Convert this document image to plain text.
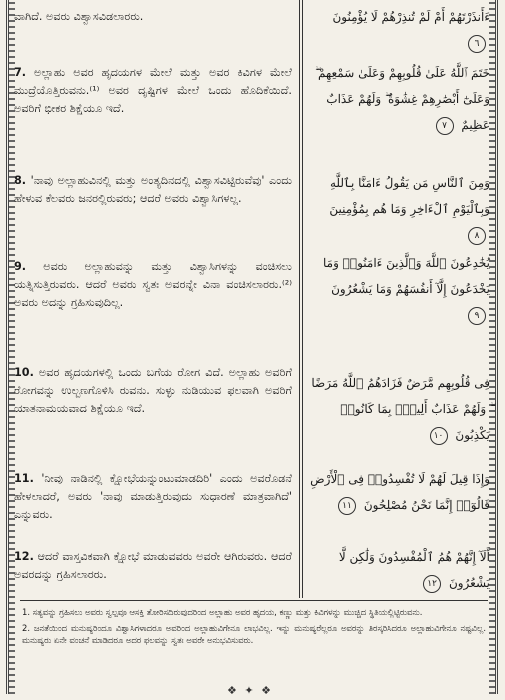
ವಾಗಿದೆ. ಅವರು ವಿಶ್ವಾಸವಿಡಲಾರರು.
7. ಅಲ್ಲಾಹು ಅವರ ಹೃದಯಗಳ ಮೇಲೆ ಮತ್ತು ಅವರ ಕಿವಿಗಳ ಮೇಲೆ ಮುದ್ರೆಯೊತ್ತಿರುವನು.⁽¹⁾ ಅವರ ದೃಷ್ಟಿಗಳ ಮೇಲೆ ಒಂದು ಹೊದಿಕೆಯಿದೆ. ಅವರಿಗೆ ಭೀಕರ ಶಿಕ್ಷೆಯೂ ಇದೆ.
8. 'ನಾವು ಅಲ್ಲಾಹುವಿನಲ್ಲಿ ಮತ್ತು ಅಂತ್ಯದಿನದಲ್ಲಿ ವಿಶ್ವಾಸವಿಟ್ಟಿರುವೆವು' ಎಂದು ಹೇಳುವ ಕೆಲವರು ಜನರಲ್ಲಿರುವರು; ಆದರೆ ಅವರು ವಿಶ್ವಾಸಿಗಳಲ್ಲ.
9. ಅವರು ಅಲ್ಲಾಹುವನ್ನು ಮತ್ತು ವಿಶ್ವಾಸಿಗಳನ್ನು ವಂಚಿಸಲು ಯತ್ನಿಸುತ್ತಿರುವರು. ಆದರೆ ಅವರು ಸ್ವತಃ ಅವರನ್ನೇ ವಿನಾ ವಂಚಿಸಲಾರರು.⁽²⁾ ಅವರು ಅದನ್ನು ಗ್ರಹಿಸುವುದಿಲ್ಲ.
10. ಅವರ ಹೃದಯಗಳಲ್ಲಿ ಒಂದು ಬಗೆಯ ರೋಗ ವಿದೆ. ಅಲ್ಲಾಹು ಅವರಿಗೆ ರೋಗವನ್ನು ಉಲ್ಬಣಗೊಳಿಸಿ ರುವನು. ಸುಳ್ಳು ನುಡಿಯುವ ಫಲವಾಗಿ ಅವರಿಗೆ ಯಾತನಾಮಯವಾದ ಶಿಕ್ಷೆಯೂ ಇದೆ.
11. 'ನೀವು ನಾಡಿನಲ್ಲಿ ಕ್ಷೋಭೆಯನ್ನುಂಟುಮಾಡದಿರಿ' ಎಂದು ಅವರೊಡನೆ ಹೇಳಲಾದರೆ, ಅವರು 'ನಾವು ಮಾಡುತ್ತಿರುವುದು ಸುಧಾರಣೆ ಮಾತ್ರವಾಗಿದೆ' ಎನ್ನುವರು.
12. ಆದರೆ ವಾಸ್ತವಿಕವಾಗಿ ಕ್ಷೋಭೆ ಮಾಡುವವರು ಅವರೇ ಆಗಿರುವರು. ಆದರೆ ಅವರದನ್ನು ಗ್ರಹಿಸಲಾರರು.
ءَأَنذَرْتَهُمْ أَمْ لَمْ تُنذِرْهُمْ لَا يُؤْمِنُونَ ٦
خَتَمَ ٱللَّهُ عَلَىٰ قُلُوبِهِمْ وَعَلَىٰ سَمْعِهِمْ ۖ وَعَلَىٰٓ أَبْصَٰرِهِمْ غِشَٰوَةٌ ۖ وَلَهُمْ عَذَابٌ عَظِيمٌ ٧
وَمِنَ ٱلنَّاسِ مَن يَقُولُ ءَامَنَّا بِٱللَّهِ وَبِٱلْيَوْمِ ٱلْءَاخِرِ وَمَا هُم بِمُؤْمِنِينَ ٨
يُخَٰدِعُونَ ٱللَّهَ وَٱلَّذِينَ ءَامَنُوا۟ وَمَا يَخْدَعُونَ إِلَّآ أَنفُسَهُمْ وَمَا يَشْعُرُونَ ٩
فِى قُلُوبِهِم مَّرَضٌ فَزَادَهُمُ ٱللَّهُ مَرَضًا ۖ وَلَهُمْ عَذَابٌ أَلِيمٌۢ بِمَا كَانُوا۟ يَكْذِبُونَ ١٠
وَإِذَا قِيلَ لَهُمْ لَا تُفْسِدُوا۟ فِى ٱلْأَرْضِ قَالُوٓا۟ إِنَّمَا نَحْنُ مُصْلِحُونَ ١١
أَلَآ إِنَّهُمْ هُمُ ٱلْمُفْسِدُونَ وَلَٰكِن لَّا يَشْعُرُونَ ١٢

1. ಸತ್ಯವನ್ನು ಗ್ರಹಿಸಲು ಅವರು ಸ್ವಲ್ಪವೂ ಆಸಕ್ತಿ ತೋರಿಸದಿರುವುದರಿಂದ ಅಲ್ಲಾಹು ಅವರ ಹೃದಯ, ಕಣ್ಣು ಮತ್ತು ಕಿವಿಗಳನ್ನು ಮುಚ್ಚಿದ ಸ್ಥಿತಿಯಲ್ಲಿಟ್ಟಿರುವನು.

2. ಜನತೆಯಿಂದ ಮನುಷ್ಯರಿಂದೂ ವಿಶ್ವಾಸಿಗಳಾದರೂ ಅವರಿಂದ ಅಲ್ಲಾಹುವಿಗೇನೂ ಲಾಭವಿಲ್ಲ. ಇನ್ನು ಮನುಷ್ಯರೆಲ್ಲರೂ ಅವರನ್ನು ತಿರಸ್ಕರಿಸಿದರೂ ಅಲ್ಲಾಹುವಿಗೇನೂ ನಷ್ಟವಿಲ್ಲ. ಮನುಷ್ಯರು ಏನೇ ವಂಚನೆ ಮಾಡಿದರೂ ಅದರ ಫಲವನ್ನು ಸ್ವತಃ ಅವರೇ ಅನುಭವಿಸುವರು.

❖ ✦ ❖
